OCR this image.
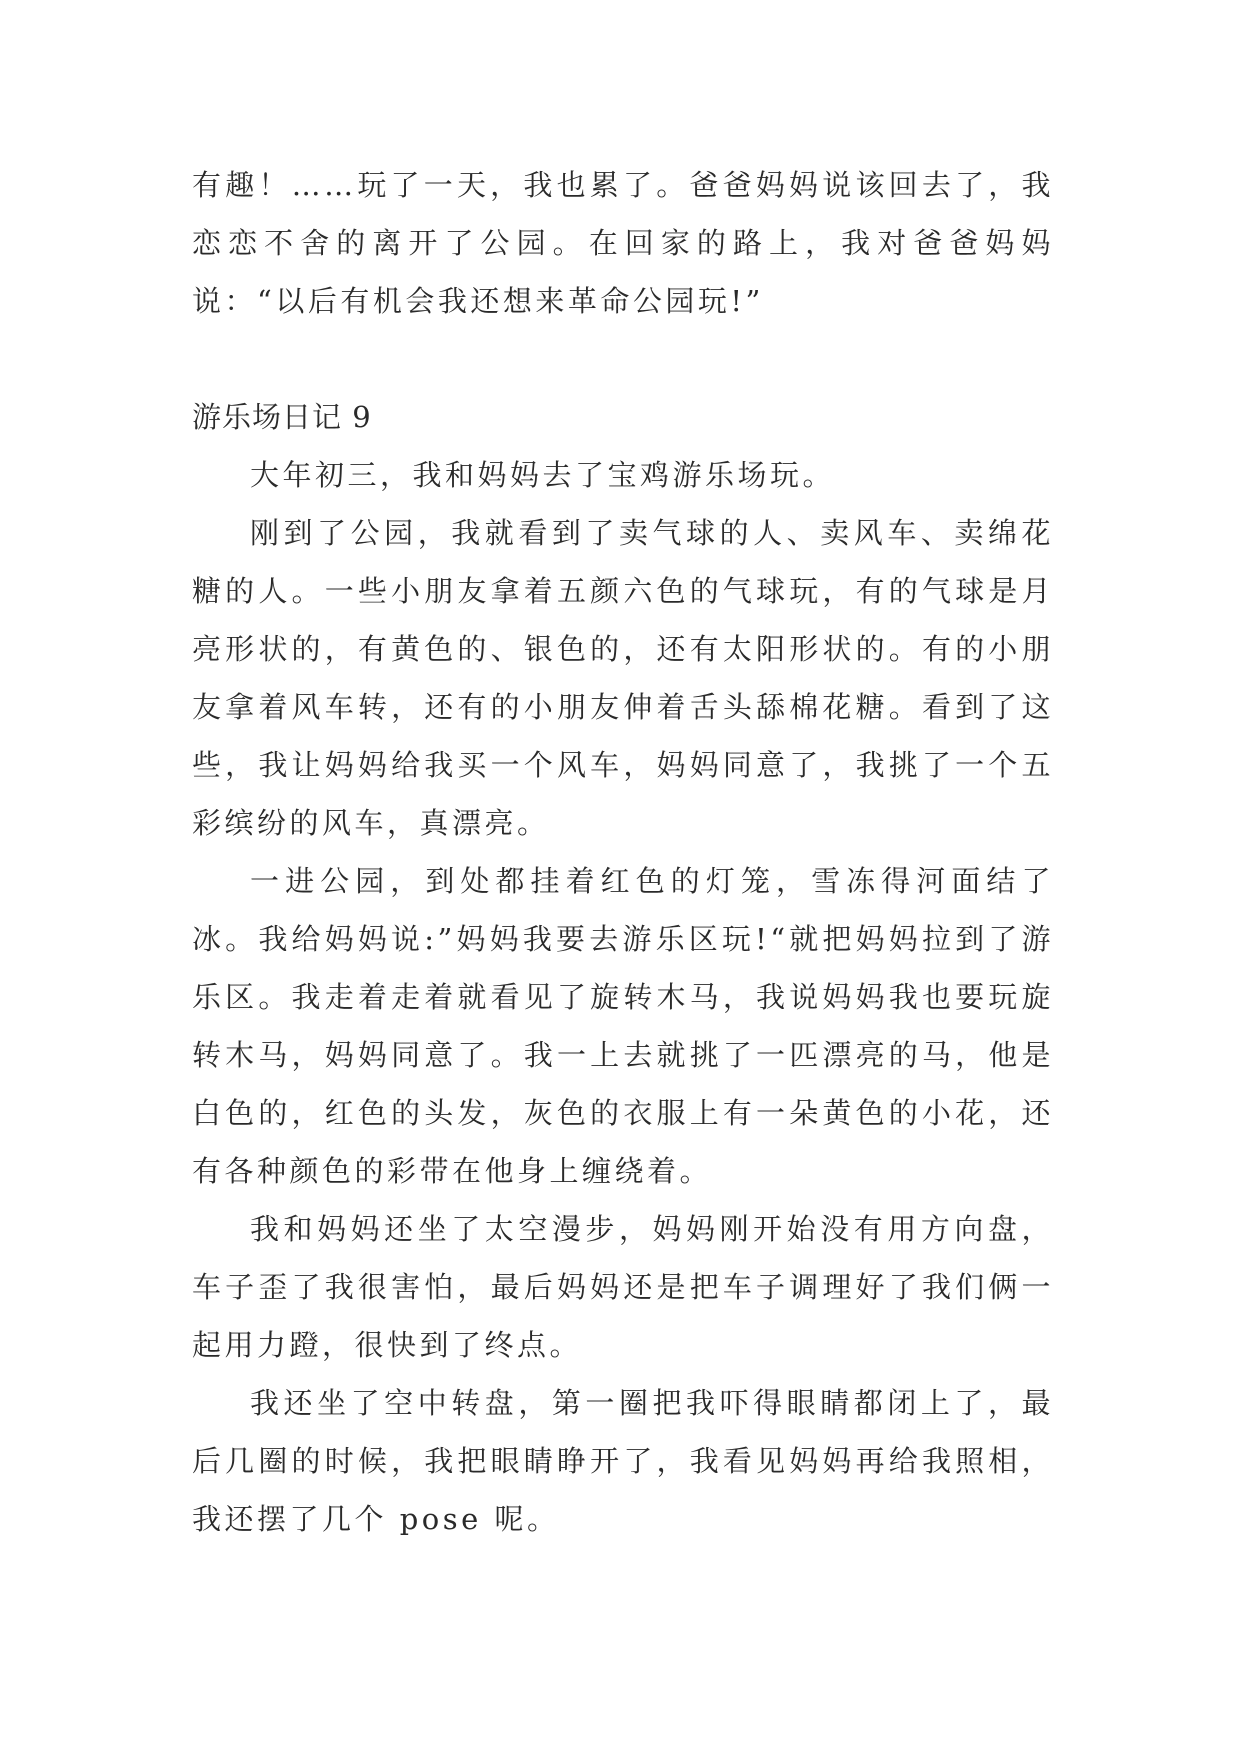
有趣！……玩了一天，我也累了。爸爸妈妈说该回去了，我恋恋不舍的离开了公园。在回家的路上，我对爸爸妈妈说：“以后有机会我还想来革命公园玩!”

游乐场日记 9

大年初三，我和妈妈去了宝鸡游乐场玩。

刚到了公园，我就看到了卖气球的人、卖风车、卖绵花糖的人。一些小朋友拿着五颜六色的气球玩，有的气球是月亮形状的，有黄色的、银色的，还有太阳形状的。有的小朋友拿着风车转，还有的小朋友伸着舌头舔棉花糖。看到了这些，我让妈妈给我买一个风车，妈妈同意了，我挑了一个五彩缤纷的风车，真漂亮。

一进公园，到处都挂着红色的灯笼，雪冻得河面结了冰。我给妈妈说:”妈妈我要去游乐区玩!“就把妈妈拉到了游乐区。我走着走着就看见了旋转木马，我说妈妈我也要玩旋转木马，妈妈同意了。我一上去就挑了一匹漂亮的马，他是白色的，红色的头发，灰色的衣服上有一朵黄色的小花，还有各种颜色的彩带在他身上缠绕着。

我和妈妈还坐了太空漫步，妈妈刚开始没有用方向盘，车子歪了我很害怕，最后妈妈还是把车子调理好了我们俩一起用力蹬，很快到了终点。

我还坐了空中转盘，第一圈把我吓得眼睛都闭上了，最后几圈的时候，我把眼睛睁开了，我看见妈妈再给我照相，我还摆了几个 pose 呢。
